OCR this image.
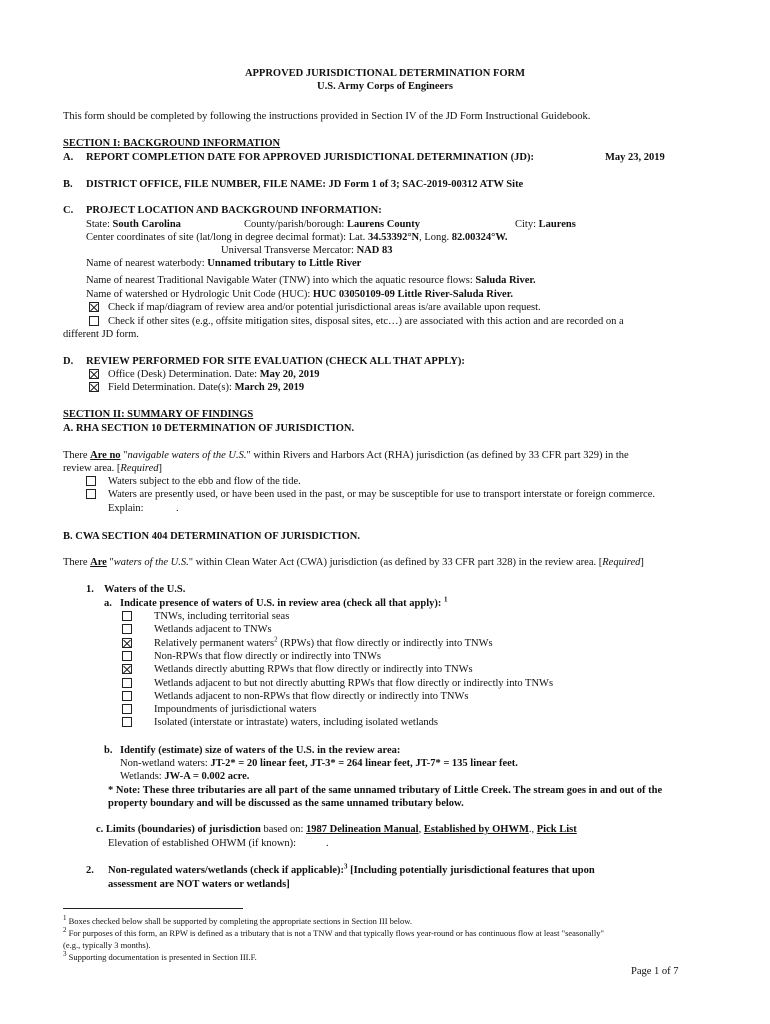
APPROVED JURISDICTIONAL DETERMINATION FORM
U.S. Army Corps of Engineers
This form should be completed by following the instructions provided in Section IV of the JD Form Instructional Guidebook.
SECTION I: BACKGROUND INFORMATION
A. REPORT COMPLETION DATE FOR APPROVED JURISDICTIONAL DETERMINATION (JD):	May 23, 2019
B. DISTRICT OFFICE, FILE NUMBER, FILE NAME: JD Form 1 of 3; SAC-2019-00312 ATW Site
C. PROJECT LOCATION AND BACKGROUND INFORMATION:
State: South Carolina	County/parish/borough: Laurens County	City: Laurens
Center coordinates of site (lat/long in degree decimal format): Lat. 34.53392°N, Long. 82.00324°W.
Universal Transverse Mercator: NAD 83
Name of nearest waterbody: Unnamed tributary to Little River
Name of nearest Traditional Navigable Water (TNW) into which the aquatic resource flows: Saluda River.
Name of watershed or Hydrologic Unit Code (HUC): HUC 03050109-09 Little River-Saluda River.
Check if map/diagram of review area and/or potential jurisdictional areas is/are available upon request.
Check if other sites (e.g., offsite mitigation sites, disposal sites, etc…) are associated with this action and are recorded on a
different JD form.
D. REVIEW PERFORMED FOR SITE EVALUATION (CHECK ALL THAT APPLY):
Office (Desk) Determination. Date: May 20, 2019
Field Determination. Date(s): March 29, 2019
SECTION II: SUMMARY OF FINDINGS
A. RHA SECTION 10 DETERMINATION OF JURISDICTION.
There Are no "navigable waters of the U.S." within Rivers and Harbors Act (RHA) jurisdiction (as defined by 33 CFR part 329) in the
review area. [Required]
Waters subject to the ebb and flow of the tide.
Waters are presently used, or have been used in the past, or may be susceptible for use to transport interstate or foreign commerce.
Explain:	.
B. CWA SECTION 404 DETERMINATION OF JURISDICTION.
There Are "waters of the U.S." within Clean Water Act (CWA) jurisdiction (as defined by 33 CFR part 328) in the review area. [Required]
1. Waters of the U.S.
a. Indicate presence of waters of U.S. in review area (check all that apply): $^1$
TNWs, including territorial seas
Wetlands adjacent to TNWs
Relatively permanent waters$^2$ (RPWs) that flow directly or indirectly into TNWs
Non-RPWs that flow directly or indirectly into TNWs
Wetlands directly abutting RPWs that flow directly or indirectly into TNWs
Wetlands adjacent to but not directly abutting RPWs that flow directly or indirectly into TNWs
Wetlands adjacent to non-RPWs that flow directly or indirectly into TNWs
Impoundments of jurisdictional waters
Isolated (interstate or intrastate) waters, including isolated wetlands
b. Identify (estimate) size of waters of the U.S. in the review area:
Non-wetland waters: JT-2* = 20 linear feet, JT-3* = 264 linear feet, JT-7* = 135 linear feet.
Wetlands: JW-A = 0.002 acre.
* Note: These three tributaries are all part of the same unnamed tributary of Little Creek. The stream goes in and out of the
property boundary and will be discussed as the same unnamed tributary below.
c. Limits (boundaries) of jurisdiction based on: 1987 Delineation Manual, Established by OHWM., Pick List
Elevation of established OHWM (if known):	.
2. Non-regulated waters/wetlands (check if applicable):$^3$ [Including potentially jurisdictional features that upon
assessment are NOT waters or wetlands]
$^1$ Boxes checked below shall be supported by completing the appropriate sections in Section III below.
$^2$ For purposes of this form, an RPW is defined as a tributary that is not a TNW and that typically flows year-round or has continuous flow at least "seasonally"
(e.g., typically 3 months).
$^3$ Supporting documentation is presented in Section III.F.
Page 1 of 7
